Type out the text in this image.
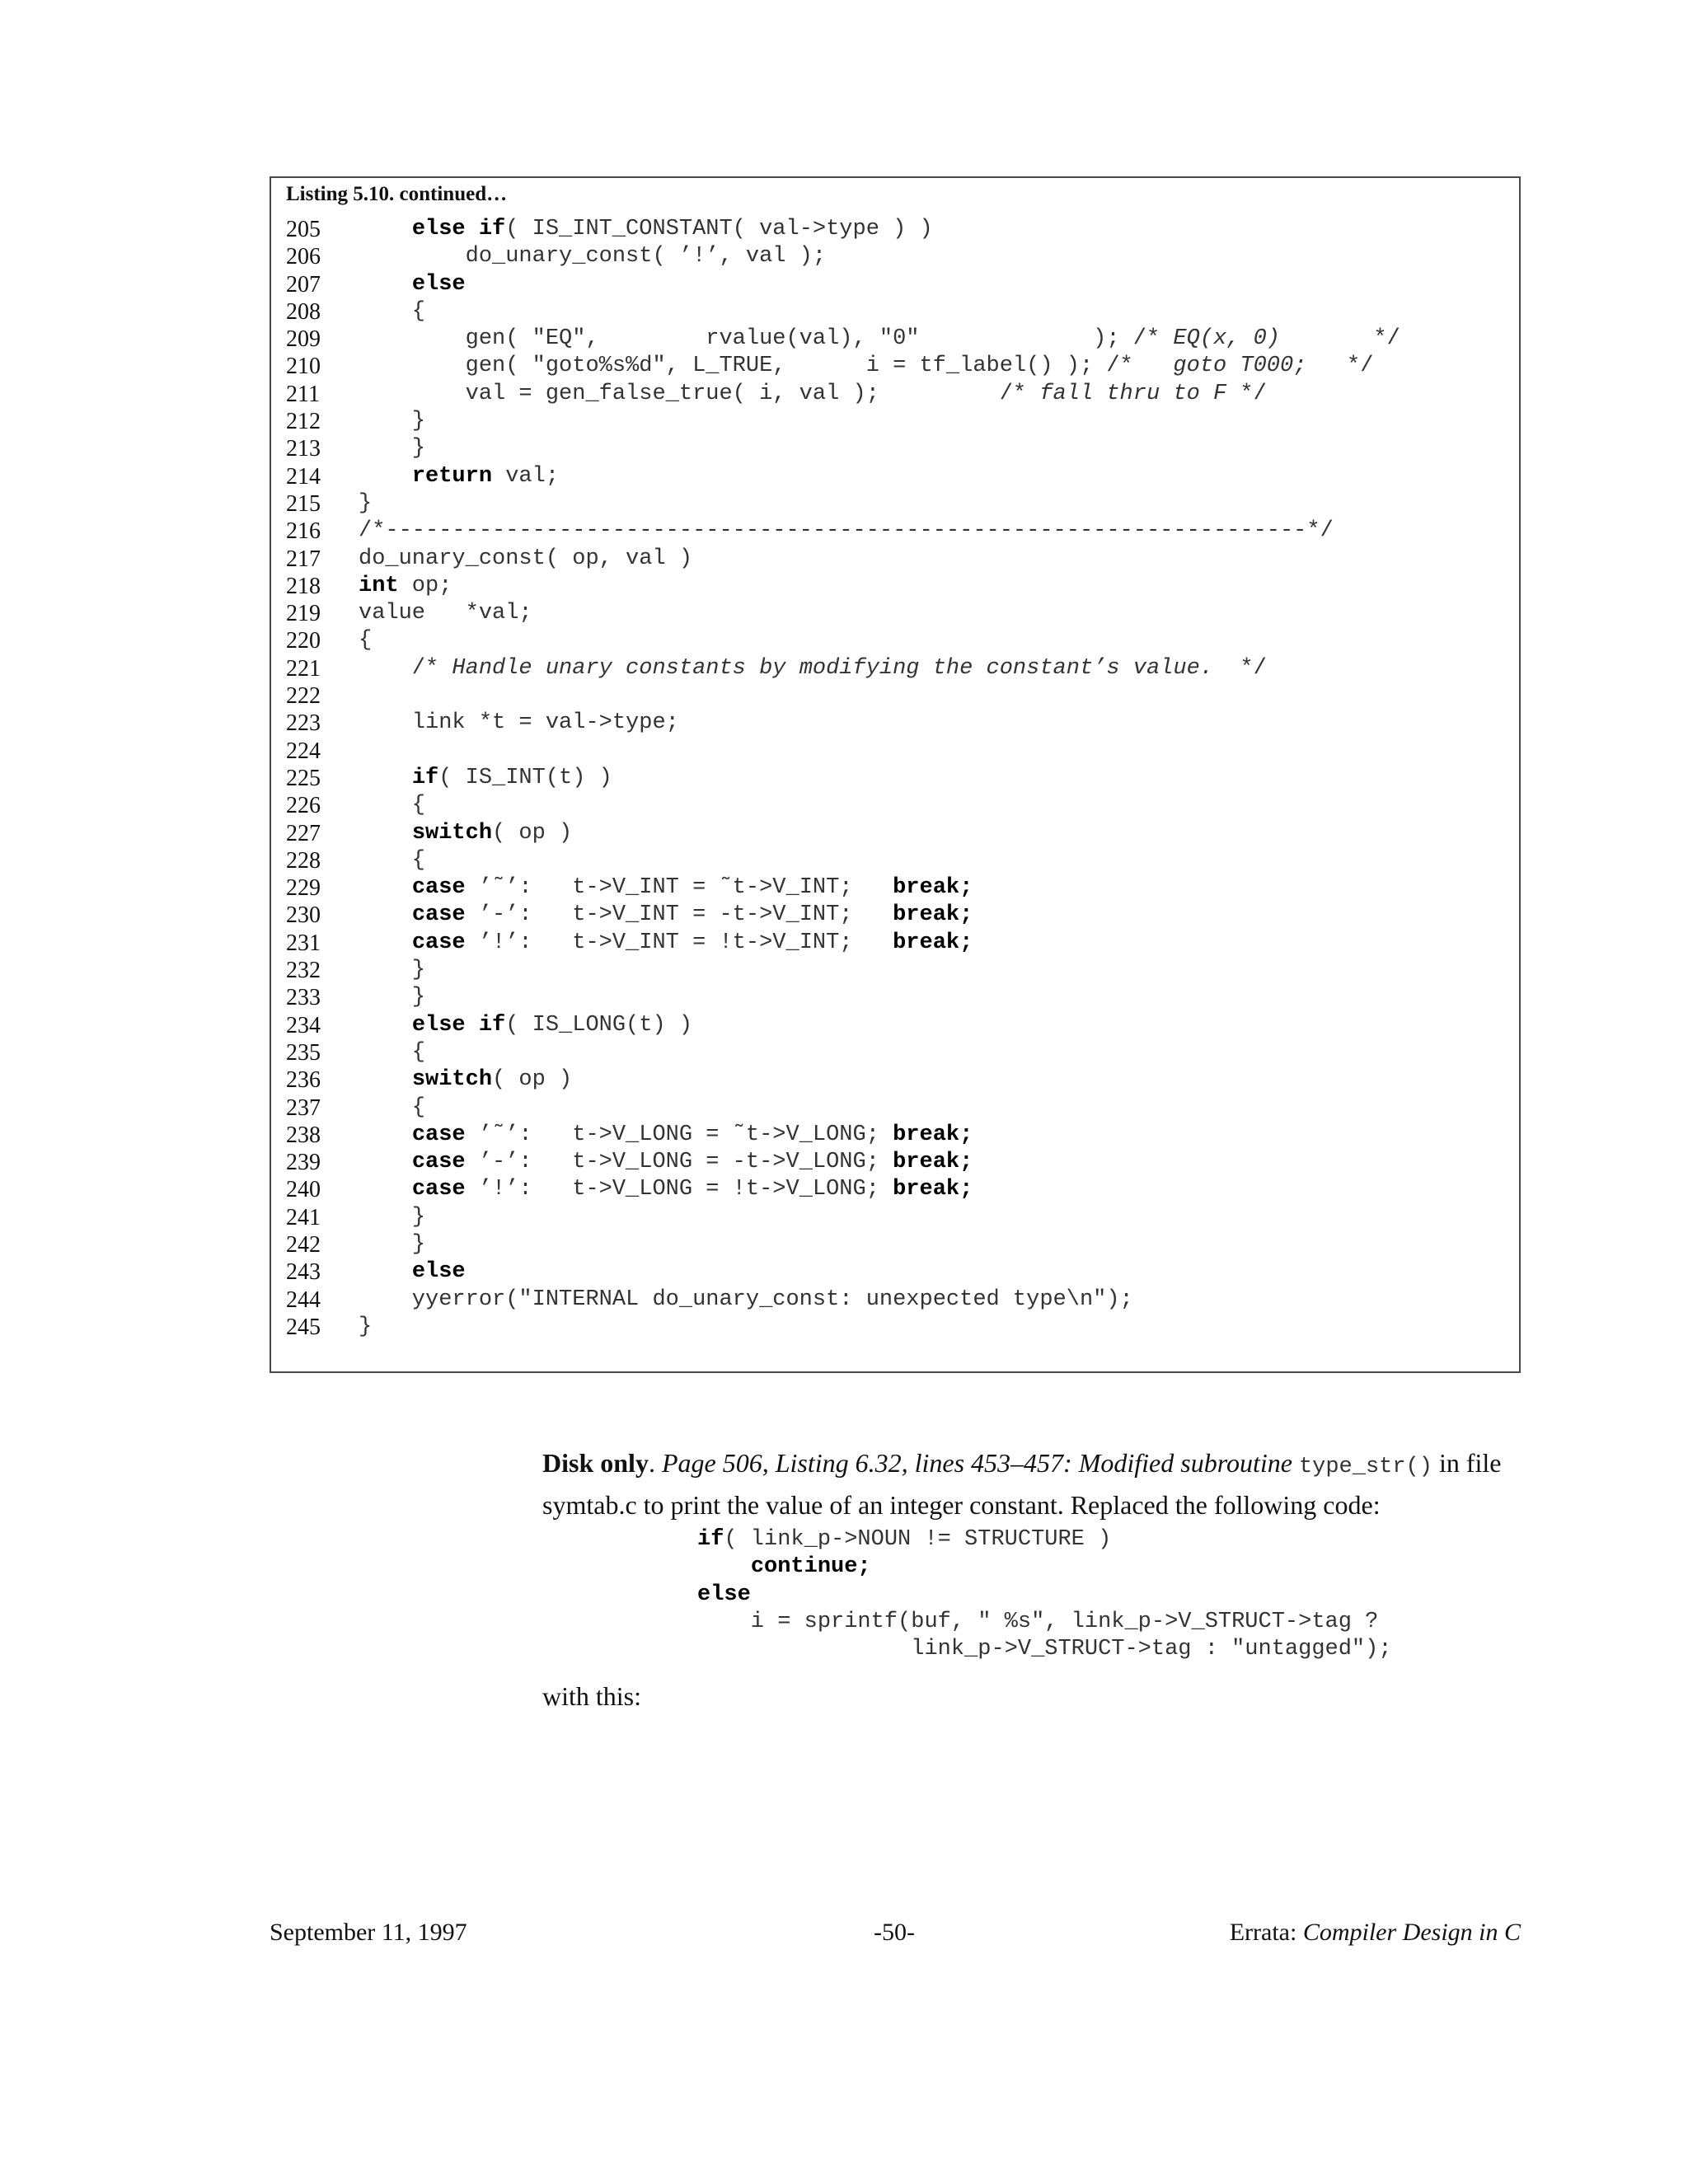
Listing 5.10. continued…
205	else if( IS_INT_CONSTANT( val->type ) )
206	do_unary_const( ’!’, val );
207	else
208	{
209	gen( "EQ",        rvalue(val), "0"             ); /* EQ(x, 0)       */
210	gen( "goto%s%d", L_TRUE,      i = tf_label() ); /*   goto T000;   */
211	val = gen_false_true( i, val );         /* fall thru to F */
212	}
213	}
214	return val;
215	}
216	/*---------------------------------------------------------------------*/
217	do_unary_const( op, val )
218	int op;
219	value   *val;
220	{
221	/* Handle unary constants by modifying the constant’s value.  */
222
223	link *t = val->type;
224
225	if( IS_INT(t) )
226	{
227	switch( op )
228	{
229	case ’˜’:   t->V_INT = ˜t->V_INT;   break;
230	case ’-’:   t->V_INT = -t->V_INT;   break;
231	case ’!’:   t->V_INT = !t->V_INT;   break;
232	}
233	}
234	else if( IS_LONG(t) )
235	{
236	switch( op )
237	{
238	case ’˜’:   t->V_LONG = ˜t->V_LONG; break;
239	case ’-’:   t->V_LONG = -t->V_LONG; break;
240	case ’!’:   t->V_LONG = !t->V_LONG; break;
241	}
242	}
243	else
244	yyerror("INTERNAL do_unary_const: unexpected type\n");
245	}
Disk only. Page 506, Listing 6.32, lines 453–457: Modified subroutine type_str() in file symtab.c to print the value of an integer constant. Replaced the following code:
if( link_p->NOUN != STRUCTURE )
continue;
else
i = sprintf(buf, " %s", link_p->V_STRUCT->tag ?
link_p->V_STRUCT->tag : "untagged");
with this:
September 11, 1997	-50-	Errata: Compiler Design in C
